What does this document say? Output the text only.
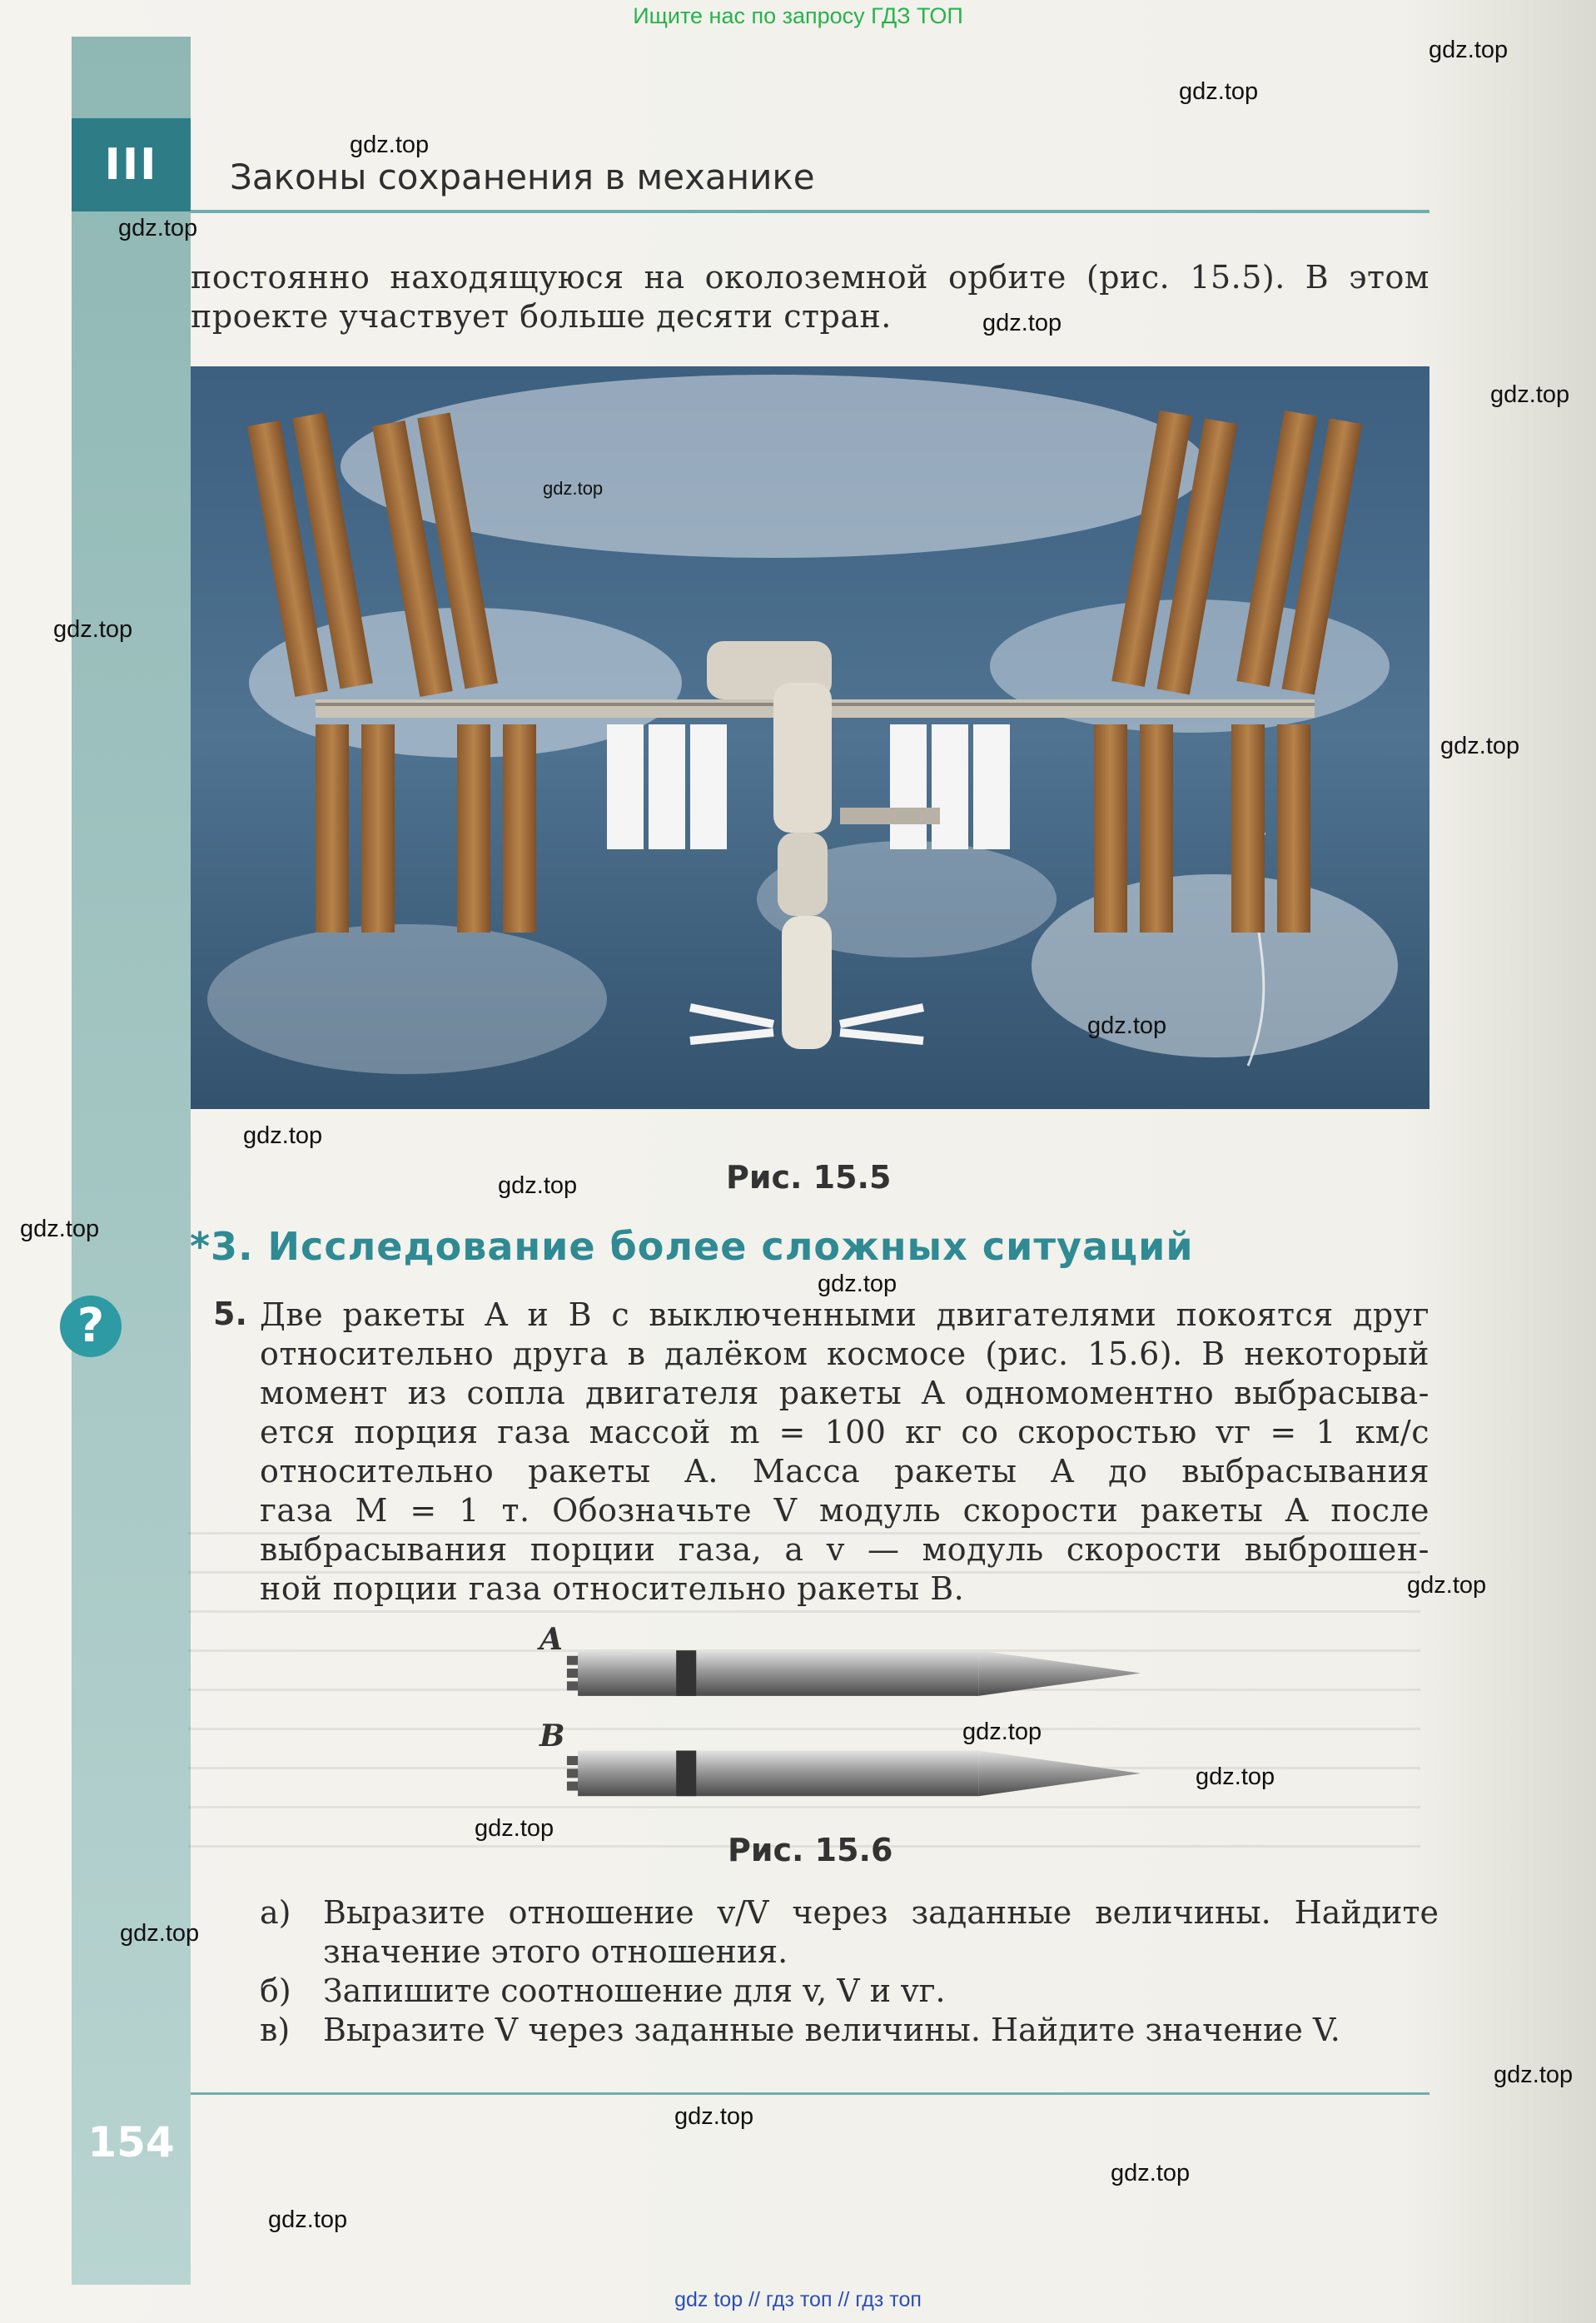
Ищите нас по запросу ГДЗ ТОП
III	Законы сохранения в механике

постоянно находящуюся на околоземной орбите (рис. 15.5). В этом

проекте участвует больше десяти стран.

Рис. 15.5
*3. Исследование более сложных ситуаций
?	5. Две ракеты A и B с выключенными двигателями покоятся друг

относительно друга в далёком космосе (рис. 15.6). В некоторый

момент из сопла двигателя ракеты A одномоментно выбрасыва-

ется порция газа массой m = 100 кг со скоростью vг = 1 км/с

относительно ракеты A. Масса ракеты A до выбрасывания

газа M = 1 т. Обозначьте V модуль скорости ракеты A после

выбрасывания порции газа, а v — модуль скорости выброшен-

ной порции газа относительно ракеты B.

A
B
Рис. 15.6
а) Выразите отношение v/V через заданные величины. Найдите
значение этого отношения.
б) Запишите соотношение для v, V и vг.
в) Выразите V через заданные величины. Найдите значение V.
154
gdz.top
gdz.top
gdz.top
gdz.top
gdz.top
gdz.top
gdz.top
gdz.top
gdz.top
gdz.top
gdz.top
gdz.top
gdz.top
gdz.top
gdz.top
gdz.top
gdz.top
gdz.top
gdz.top
gdz.top
gdz.top
gdz.top
gdz.top
gdz top // гдз топ // гдз топ
